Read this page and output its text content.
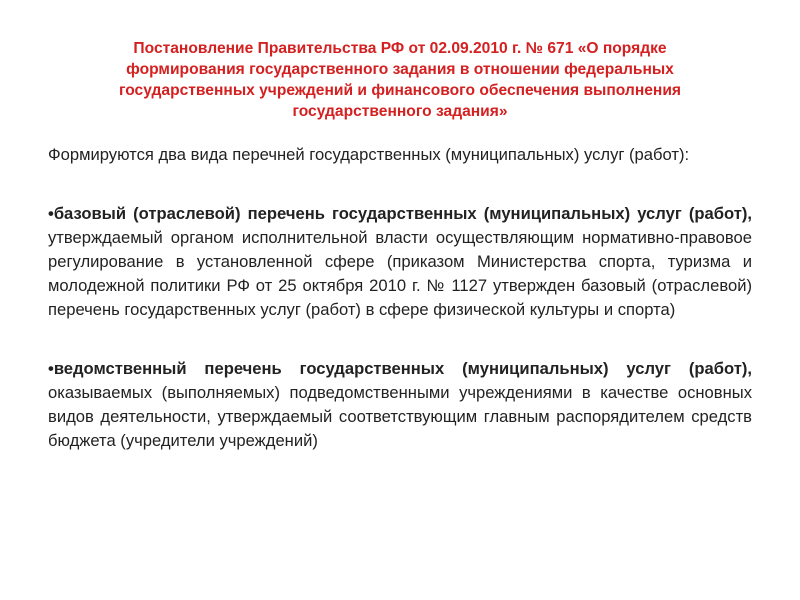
Постановление Правительства РФ от 02.09.2010 г. № 671 «О порядке формирования государственного задания в отношении федеральных государственных учреждений и финансового обеспечения выполнения государственного задания»

Формируются два вида перечней государственных (муниципальных) услуг (работ):

•базовый (отраслевой) перечень государственных (муниципальных) услуг (работ), утверждаемый органом исполнительной власти осуществляющим нормативно-правовое регулирование в установленной сфере (приказом Министерства спорта, туризма и молодежной политики РФ от 25 октября 2010 г. № 1127 утвержден базовый (отраслевой) перечень государственных услуг (работ) в сфере физической культуры и спорта)

•ведомственный перечень государственных (муниципальных) услуг (работ), оказываемых (выполняемых) подведомственными учреждениями в качестве основных видов деятельности, утверждаемый соответствующим главным распорядителем средств бюджета (учредители учреждений)
